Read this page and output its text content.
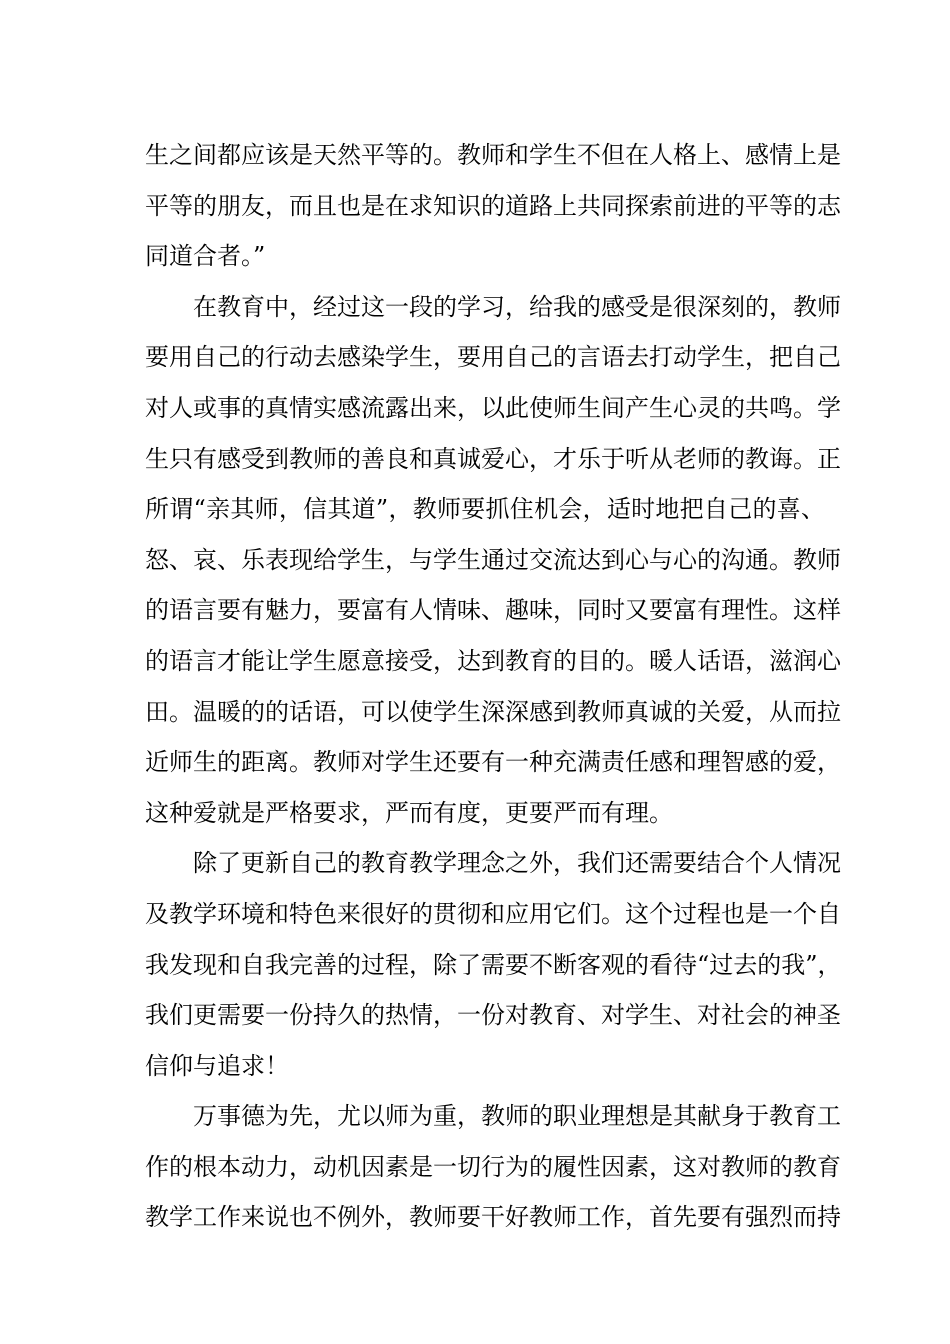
生之间都应该是天然平等的。教师和学生不但在人格上、感情上是
平等的朋友，而且也是在求知识的道路上共同探索前进的平等的志
同道合者。”
　　在教育中，经过这一段的学习，给我的感受是很深刻的，教师
要用自己的行动去感染学生，要用自己的言语去打动学生，把自己
对人或事的真情实感流露出来，以此使师生间产生心灵的共鸣。学
生只有感受到教师的善良和真诚爱心，才乐于听从老师的教诲。正
所谓“亲其师，信其道”，教师要抓住机会，适时地把自己的喜、
怒、哀、乐表现给学生，与学生通过交流达到心与心的沟通。教师
的语言要有魅力，要富有人情味、趣味，同时又要富有理性。这样
的语言才能让学生愿意接受，达到教育的目的。暖人话语，滋润心
田。温暖的的话语，可以使学生深深感到教师真诚的关爱，从而拉
近师生的距离。教师对学生还要有一种充满责任感和理智感的爱，
这种爱就是严格要求，严而有度，更要严而有理。
　　除了更新自己的教育教学理念之外，我们还需要结合个人情况
及教学环境和特色来很好的贯彻和应用它们。这个过程也是一个自
我发现和自我完善的过程，除了需要不断客观的看待“过去的我”，
我们更需要一份持久的热情，一份对教育、对学生、对社会的神圣
信仰与追求！
　　万事德为先，尤以师为重，教师的职业理想是其献身于教育工
作的根本动力，动机因素是一切行为的履性因素，这对教师的教育
教学工作来说也不例外，教师要干好教师工作，首先要有强烈而持
